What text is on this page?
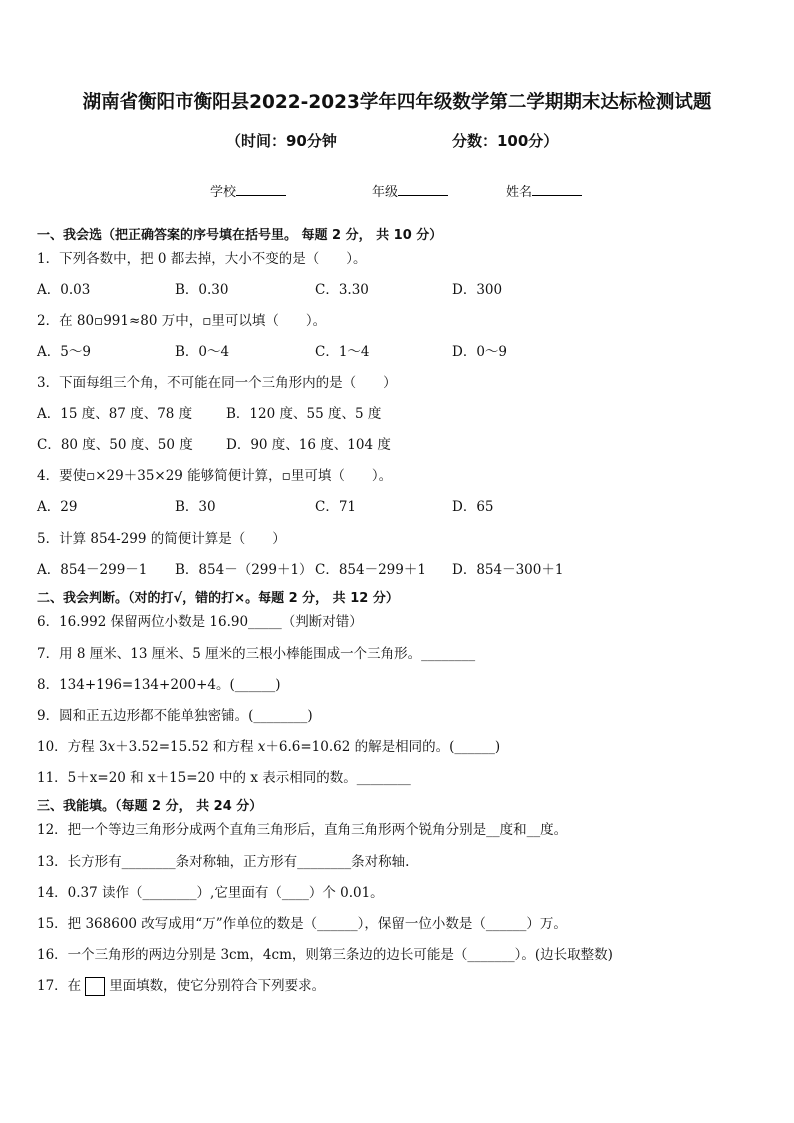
湖南省衡阳市衡阳县2022-2023学年四年级数学第二学期期末达标检测试题
（时间：90分钟	分数：100分）
学校	年级	姓名
一、我会选（把正确答案的序号填在括号里。 每题 2 分， 共 10 分）
1．下列各数中，把 0 都去掉，大小不变的是（　　）。
A．0.03	B．0.30	C．3.30	D．300
2．在 80▫991≈80 万中，▫里可以填（　　）。
A．5～9	B．0～4	C．1～4	D．0～9
3．下面每组三个角，不可能在同一个三角形内的是（　　）
A．15 度、87 度、78 度	B．120 度、55 度、5 度
C．80 度、50 度、50 度 D．90 度、16 度、104 度
4．要使▫×29＋35×29 能够简便计算，▫里可填（　　）。
A．29	B．30	C．71	D．65
5．计算 854-299 的简便计算是（　　）
A．854－299－1 B．854－（299＋1） C．854－299＋1 D．854－300＋1
二、我会判断。（对的打√，错的打×。每题 2 分， 共 12 分）
6．16.992 保留两位小数是 16.90_____（判断对错）
7．用 8 厘米、13 厘米、5 厘米的三根小棒能围成一个三角形。________
8．134+196=134+200+4。(______)
9．圆和正五边形都不能单独密铺。(________)
10．方程 3𝑥＋3.52=15.52 和方程 𝑥＋6.6=10.62 的解是相同的。(______)
11．5＋x=20 和 x＋15=20 中的 x 表示相同的数。________
三、我能填。（每题 2 分， 共 24 分）
12．把一个等边三角形分成两个直角三角形后，直角三角形两个锐角分别是__度和__度。
13．长方形有________条对称轴，正方形有________条对称轴.
14．0.37 读作（________）,它里面有（____）个 0.01。
15．把 368600 改写成用“万”作单位的数是（______），保留一位小数是（______）万。
16．一个三角形的两边分别是 3cm，4cm，则第三条边的边长可能是（_______）。(边长取整数)
17．在 里面填数，使它分别符合下列要求。
